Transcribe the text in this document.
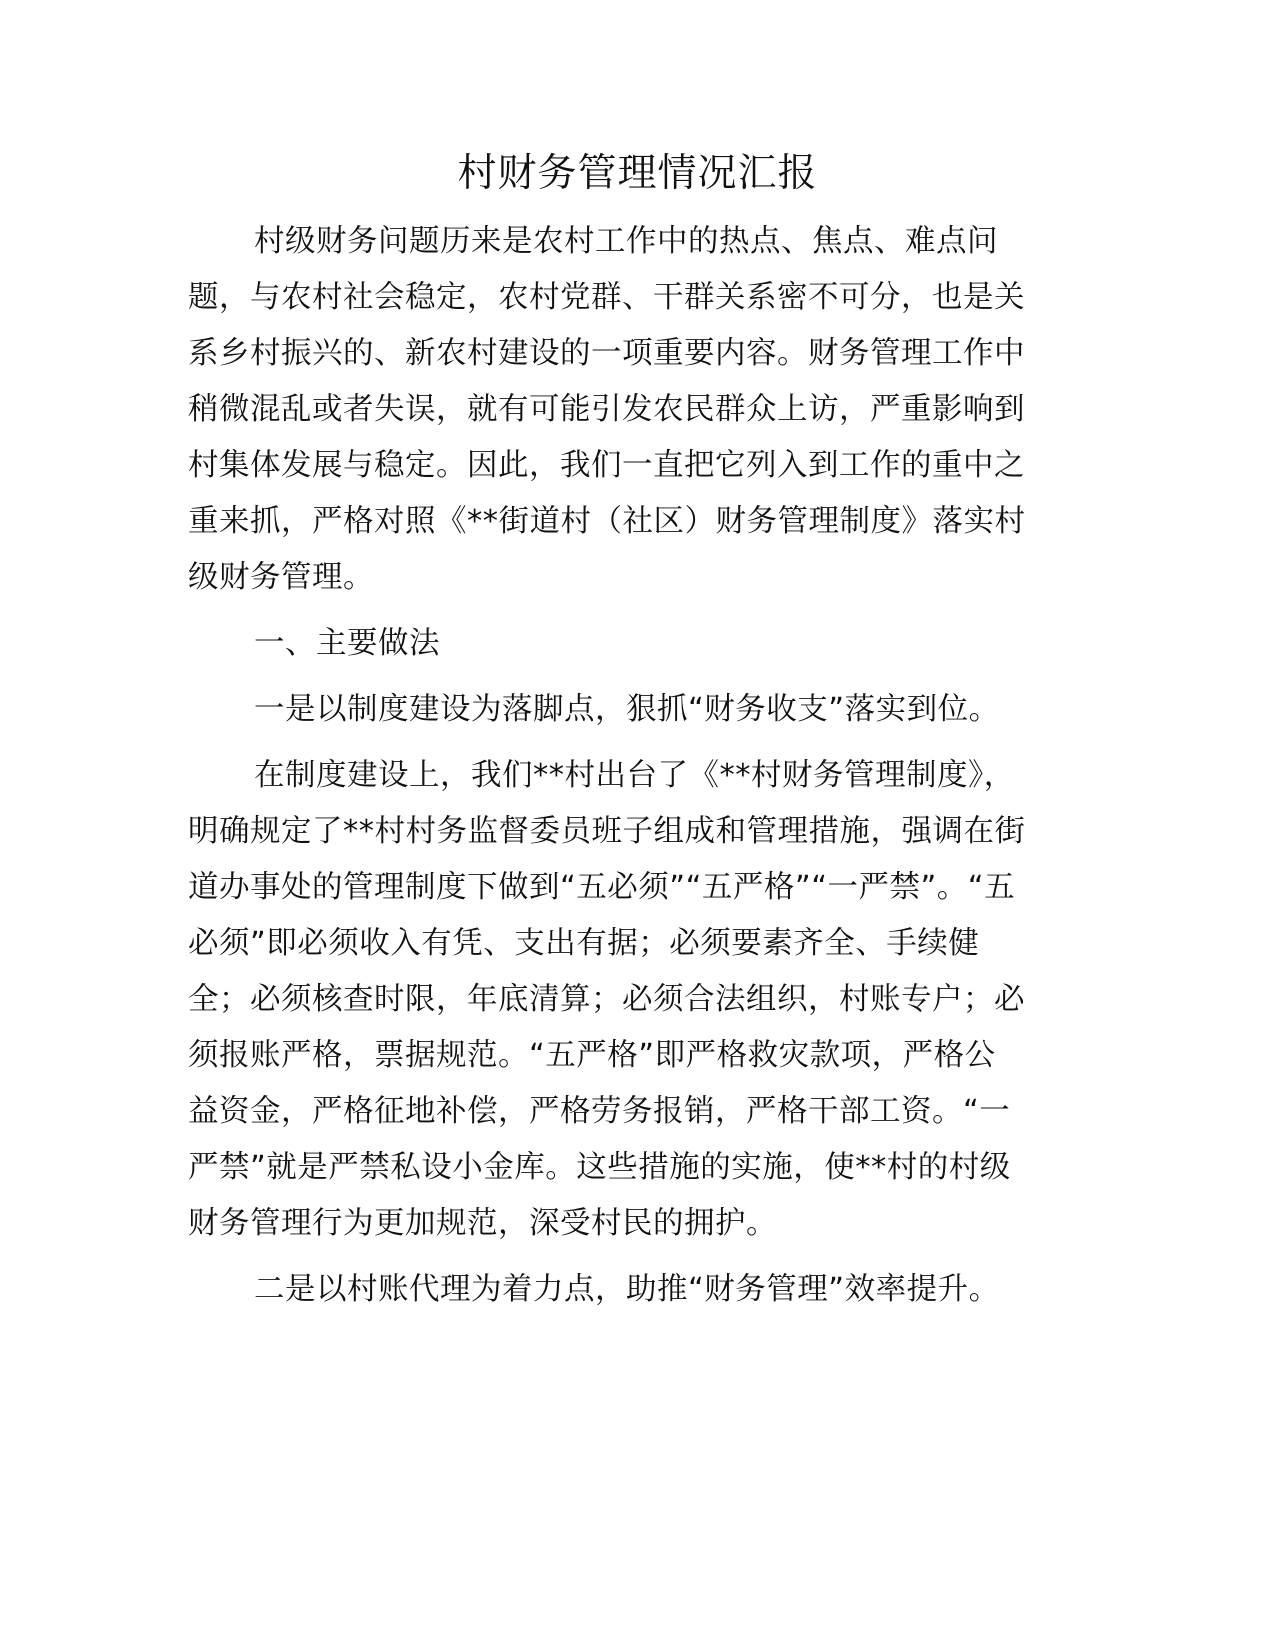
村财务管理情况汇报
村级财务问题历来是农村工作中的热点、焦点、难点问
题，与农村社会稳定，农村党群、干群关系密不可分，也是关
系乡村振兴的、新农村建设的一项重要内容。财务管理工作中
稍微混乱或者失误，就有可能引发农民群众上访，严重影响到
村集体发展与稳定。因此，我们一直把它列入到工作的重中之
重来抓，严格对照《**街道村（社区）财务管理制度》落实村
级财务管理。
一、主要做法
一是以制度建设为落脚点，狠抓“财务收支”落实到位。
在制度建设上，我们**村出台了《**村财务管理制度》，
明确规定了**村村务监督委员班子组成和管理措施，强调在街
道办事处的管理制度下做到“五必须”“五严格”“一严禁”。“五
必须”即必须收入有凭、支出有据；必须要素齐全、手续健
全；必须核查时限，年底清算；必须合法组织，村账专户；必
须报账严格，票据规范。“五严格”即严格救灾款项，严格公
益资金，严格征地补偿，严格劳务报销，严格干部工资。“一
严禁”就是严禁私设小金库。这些措施的实施，使**村的村级
财务管理行为更加规范，深受村民的拥护。
二是以村账代理为着力点，助推“财务管理”效率提升。
